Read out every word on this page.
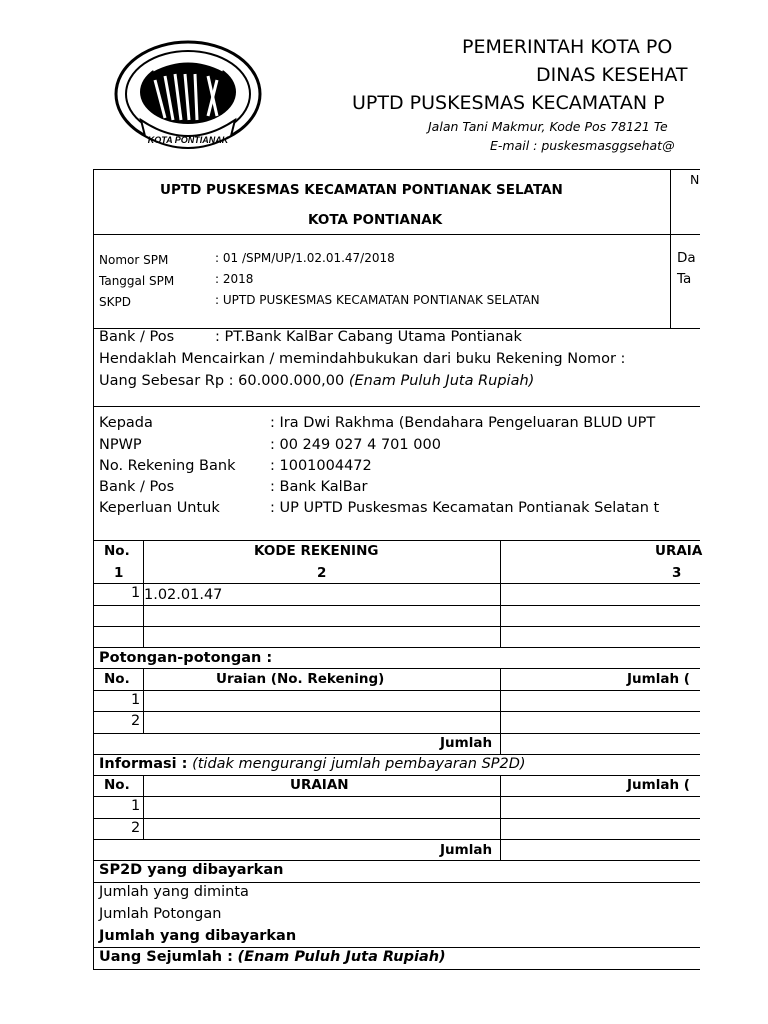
KOTA PONTIANAK
PEMERINTAH KOTA PO
DINAS KESEHAT
UPTD PUSKESMAS KECAMATAN P
Jalan Tani Makmur, Kode Pos 78121 Te
E-mail : puskesmasggsehat@
UPTD PUSKESMAS KECAMATAN PONTIANAK SELATAN
KOTA PONTIANAK
N
Nomor SPM	: 01 /SPM/UP/1.02.01.47/2018
Tanggal SPM	: 2018
SKPD	: UPTD PUSKESMAS KECAMATAN PONTIANAK SELATAN
Da
Ta
Bank / Pos	: PT.Bank KalBar Cabang Utama Pontianak
Hendaklah Mencairkan / memindahbukukan dari buku Rekening Nomor :
Uang Sebesar Rp : 60.000.000,00 (Enam Puluh Juta Rupiah)
Kepada	: Ira Dwi Rakhma (Bendahara Pengeluaran BLUD UPT
NPWP	: 00 249 027 4 701 000
No. Rekening Bank : 1001004472
Bank / Pos	: Bank KalBar
Keperluan Untuk	: UP UPTD Puskesmas Kecamatan Pontianak Selatan t
No.	KODE REKENING	URAIA
1	2	3
1 1.02.01.47
Potongan-potongan :
No.	Uraian (No. Rekening)	Jumlah (
1
2
Jumlah
Informasi : (tidak mengurangi jumlah pembayaran SP2D)
No.	URAIAN	Jumlah (
1
2
Jumlah
SP2D yang dibayarkan
Jumlah yang diminta
Jumlah Potongan
Jumlah yang dibayarkan
Uang Sejumlah : (Enam Puluh Juta Rupiah)
